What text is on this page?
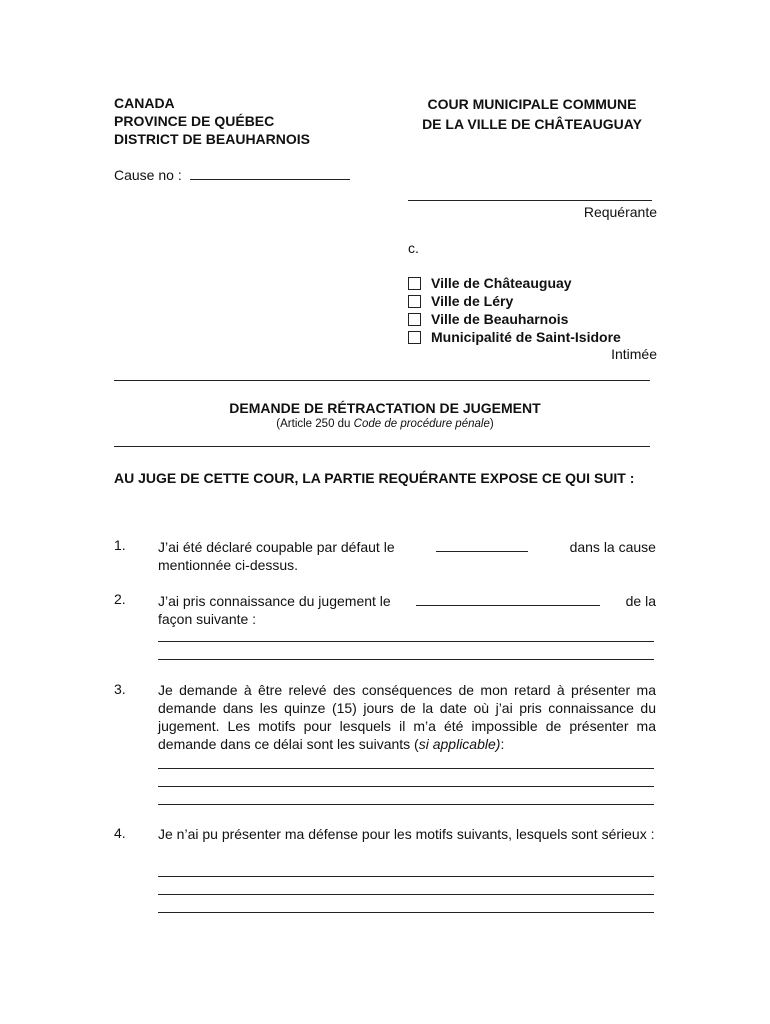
CANADA
PROVINCE DE QUÉBEC
DISTRICT DE BEAUHARNOIS
COUR MUNICIPALE COMMUNE
DE LA VILLE DE CHÂTEAUGUAY
Cause no :
Requérante
c.
Ville de Châteauguay
Ville de Léry
Ville de Beauharnois
Municipalité de Saint-Isidore
Intimée
DEMANDE DE RÉTRACTATION DE JUGEMENT
(Article 250 du Code de procédure pénale)
AU JUGE DE CETTE COUR, LA PARTIE REQUÉRANTE EXPOSE CE QUI SUIT :
1. J’ai été déclaré coupable par défaut le	dans la cause
mentionnée ci-dessus.
2. J’ai pris connaissance du jugement le	de la
façon suivante :
3. Je demande à être relevé des conséquences de mon retard à présenter ma demande dans les quinze (15) jours de la date où j’ai pris connaissance du jugement. Les motifs pour lesquels il m’a été impossible de présenter ma demande dans ce délai sont les suivants (si applicable):
4. Je n’ai pu présenter ma défense pour les motifs suivants, lesquels sont sérieux :
